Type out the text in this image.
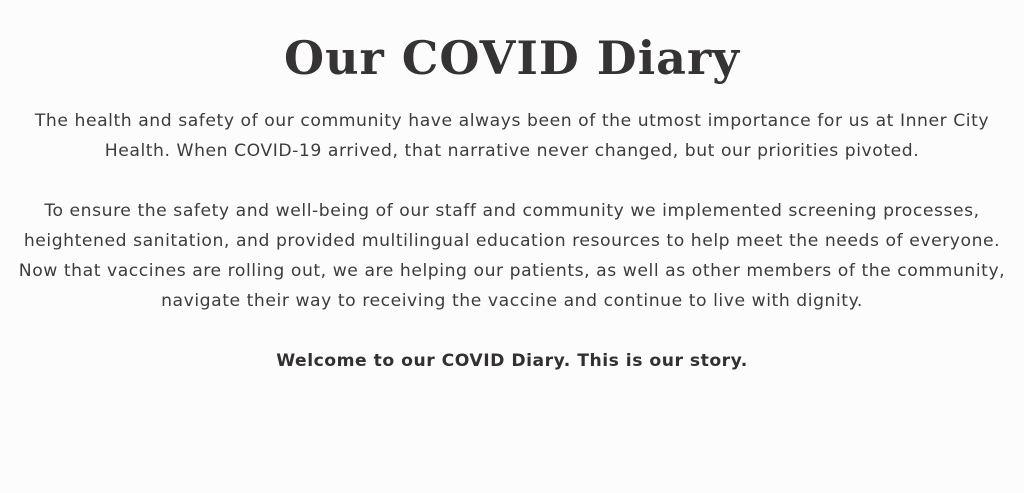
Our COVID Diary

The health and safety of our community have always been of the utmost importance for us at Inner City Health. When COVID-19 arrived, that narrative never changed, but our priorities pivoted.

To ensure the safety and well-being of our staff and community we implemented screening processes, heightened sanitation, and provided multilingual education resources to help meet the needs of everyone. Now that vaccines are rolling out, we are helping our patients, as well as other members of the community, navigate their way to receiving the vaccine and continue to live with dignity.

Welcome to our COVID Diary. This is our story.
